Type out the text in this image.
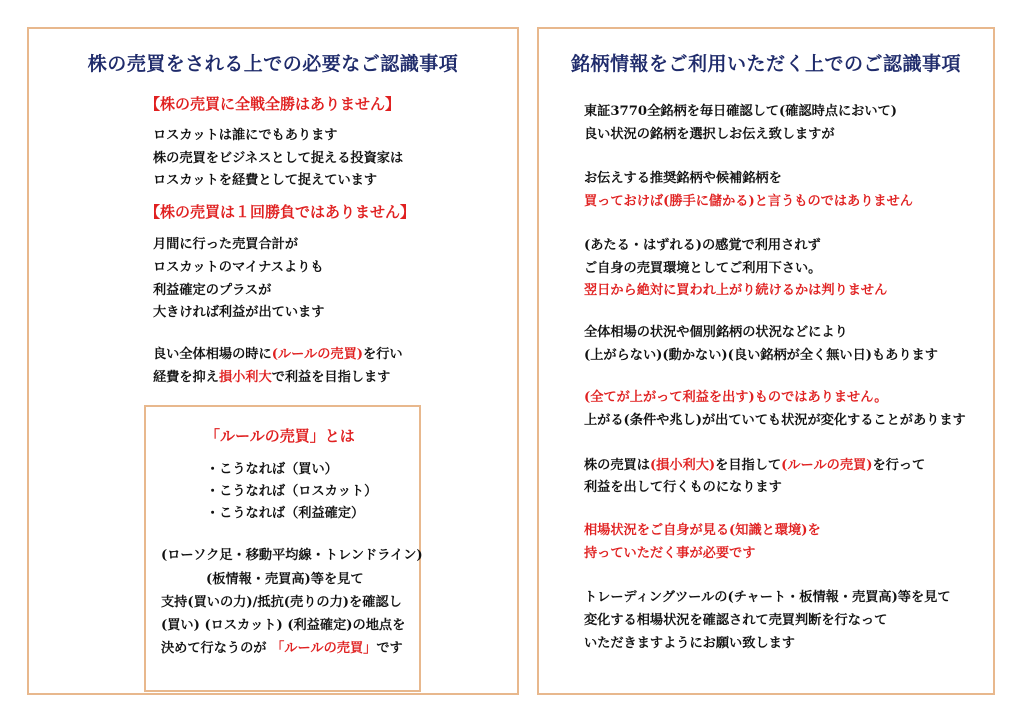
株の売買をされる上での必要なご認識事項
【株の売買に全戦全勝はありません】
ロスカットは誰にでもあります
株の売買をビジネスとして捉える投資家は
ロスカットを経費として捉えています
【株の売買は１回勝負ではありません】
月間に行った売買合計が
ロスカットのマイナスよりも
利益確定のプラスが
大きければ利益が出ています
良い全体相場の時に(ルールの売買)を行い
経費を抑え損小利大で利益を目指します
「ルールの売買」とは
・こうなれば（買い）
・こうなれば（ロスカット）
・こうなれば（利益確定）
(ローソク足・移動平均線・トレンドライン)
(板情報・売買高)等を見て
支持(買いの力)/抵抗(売りの力)を確認し
(買い) (ロスカット) (利益確定)の地点を
決めて行なうのが 「ルールの売買」です
銘柄情報をご利用いただく上でのご認識事項
東証3770全銘柄を毎日確認して(確認時点において)
良い状況の銘柄を選択しお伝え致しますが
お伝えする推奨銘柄や候補銘柄を
買っておけば(勝手に儲かる)と言うものではありません
(あたる・はずれる)の感覚で利用されず
ご自身の売買環境としてご利用下さい。
翌日から絶対に買われ上がり続けるかは判りません
全体相場の状況や個別銘柄の状況などにより
(上がらない)(動かない)(良い銘柄が全く無い日)もあります
(全てが上がって利益を出す)ものではありません。
上がる(条件や兆し)が出ていても状況が変化することがあります
株の売買は(損小利大)を目指して(ルールの売買)を行って
利益を出して行くものになります
相場状況をご自身が見る(知識と環境)を
持っていただく事が必要です
トレーディングツールの(チャート・板情報・売買高)等を見て
変化する相場状況を確認されて売買判断を行なって
いただきますようにお願い致します
